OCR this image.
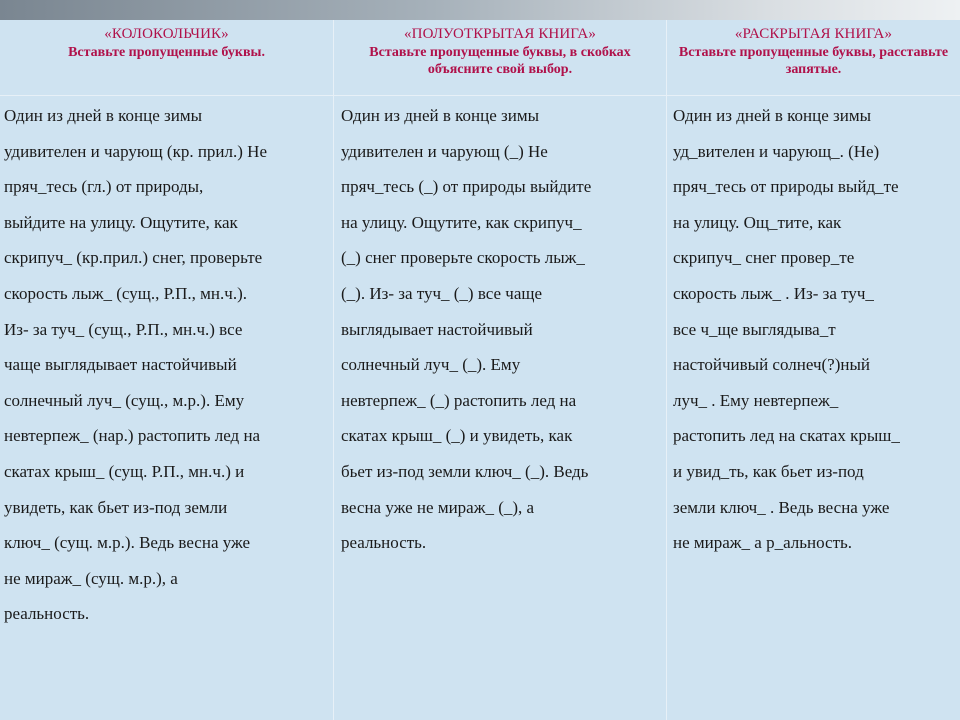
«КОЛОКОЛЬЧИК»
Вставьте пропущенные буквы.
Один из дней в конце зимы
удивителен и чарующ (кр. прил.) Не
пряч_тесь (гл.) от природы,
выйдите на улицу. Ощутите, как
скрипуч_ (кр.прил.) снег, проверьте
скорость лыж_ (сущ., Р.П., мн.ч.).
Из- за туч_ (сущ., Р.П., мн.ч.) все
чаще выглядывает настойчивый
солнечный луч_ (сущ., м.р.). Ему
невтерпеж_ (нар.) растопить лед на
скатах крыш_ (сущ. Р.П., мн.ч.) и
увидеть, как бьет из-под земли
ключ_ (сущ. м.р.). Ведь весна уже
не мираж_ (сущ. м.р.), а
реальность.
«ПОЛУОТКРЫТАЯ КНИГА»
Вставьте пропущенные буквы, в скобках объясните свой выбор.
Один из дней в конце зимы
удивителен и чарующ (_) Не
пряч_тесь (_) от природы выйдите
на улицу. Ощутите, как скрипуч_
(_) снег проверьте скорость лыж_
(_). Из- за туч_ (_) все чаще
выглядывает настойчивый
солнечный луч_ (_). Ему
невтерпеж_ (_) растопить лед на
скатах крыш_ (_) и увидеть, как
бьет из-под земли ключ_ (_). Ведь
весна уже не мираж_ (_), а
реальность.
«РАСКРЫТАЯ КНИГА»
Вставьте пропущенные буквы, расставьте запятые.
Один из дней в конце зимы
уд_вителен и чарующ_. (Не)
пряч_тесь от природы выйд_те
на улицу. Ощ_тите, как
скрипуч_ снег провер_те
скорость лыж_ . Из- за туч_
все ч_ще выглядыва_т
настойчивый солнеч(?)ный
луч_ . Ему невтерпеж_
растопить лед на скатах крыш_
и увид_ть, как бьет из-под
земли ключ_ . Ведь весна уже
не мираж_ а р_альность.
